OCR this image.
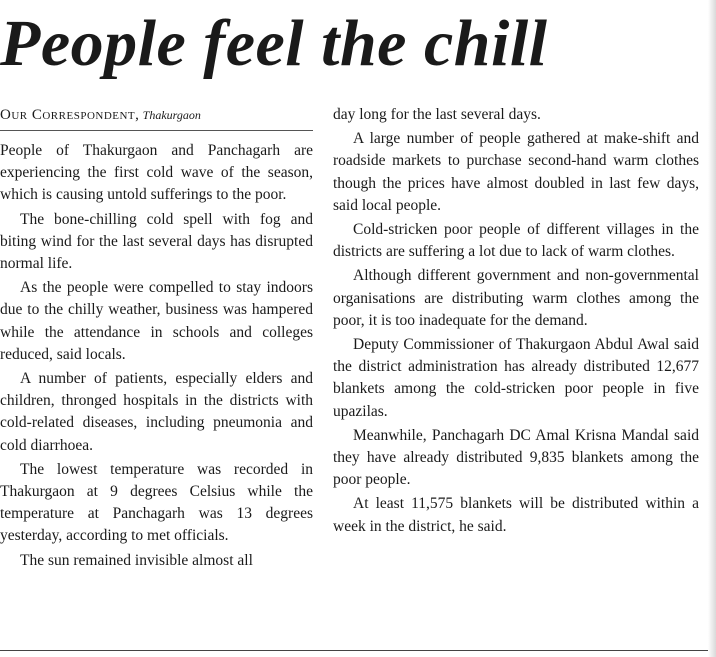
People feel the chill
Our Correspondent, Thakurgaon

People of Thakurgaon and Panchagarh are experiencing the first cold wave of the season, which is causing untold sufferings to the poor.

The bone-chilling cold spell with fog and biting wind for the last several days has disrupted normal life.

As the people were compelled to stay indoors due to the chilly weather, business was hampered while the attendance in schools and colleges reduced, said locals.

A number of patients, especially elders and children, thronged hospitals in the districts with cold-related diseases, including pneumonia and cold diarrhoea.

The lowest temperature was recorded in Thakurgaon at 9 degrees Celsius while the temperature at Panchagarh was 13 degrees yesterday, according to met officials.

The sun remained invisible almost all

day long for the last several days.

A large number of people gathered at make-shift and roadside markets to purchase second-hand warm clothes though the prices have almost doubled in last few days, said local people.

Cold-stricken poor people of different villages in the districts are suffering a lot due to lack of warm clothes.

Although different government and non-governmental organisations are distributing warm clothes among the poor, it is too inadequate for the demand.

Deputy Commissioner of Thakurgaon Abdul Awal said the district administration has already distributed 12,677 blankets among the cold-stricken poor people in five upazilas.

Meanwhile, Panchagarh DC Amal Krisna Mandal said they have already distributed 9,835 blankets among the poor people.

At least 11,575 blankets will be distributed within a week in the district, he said.
